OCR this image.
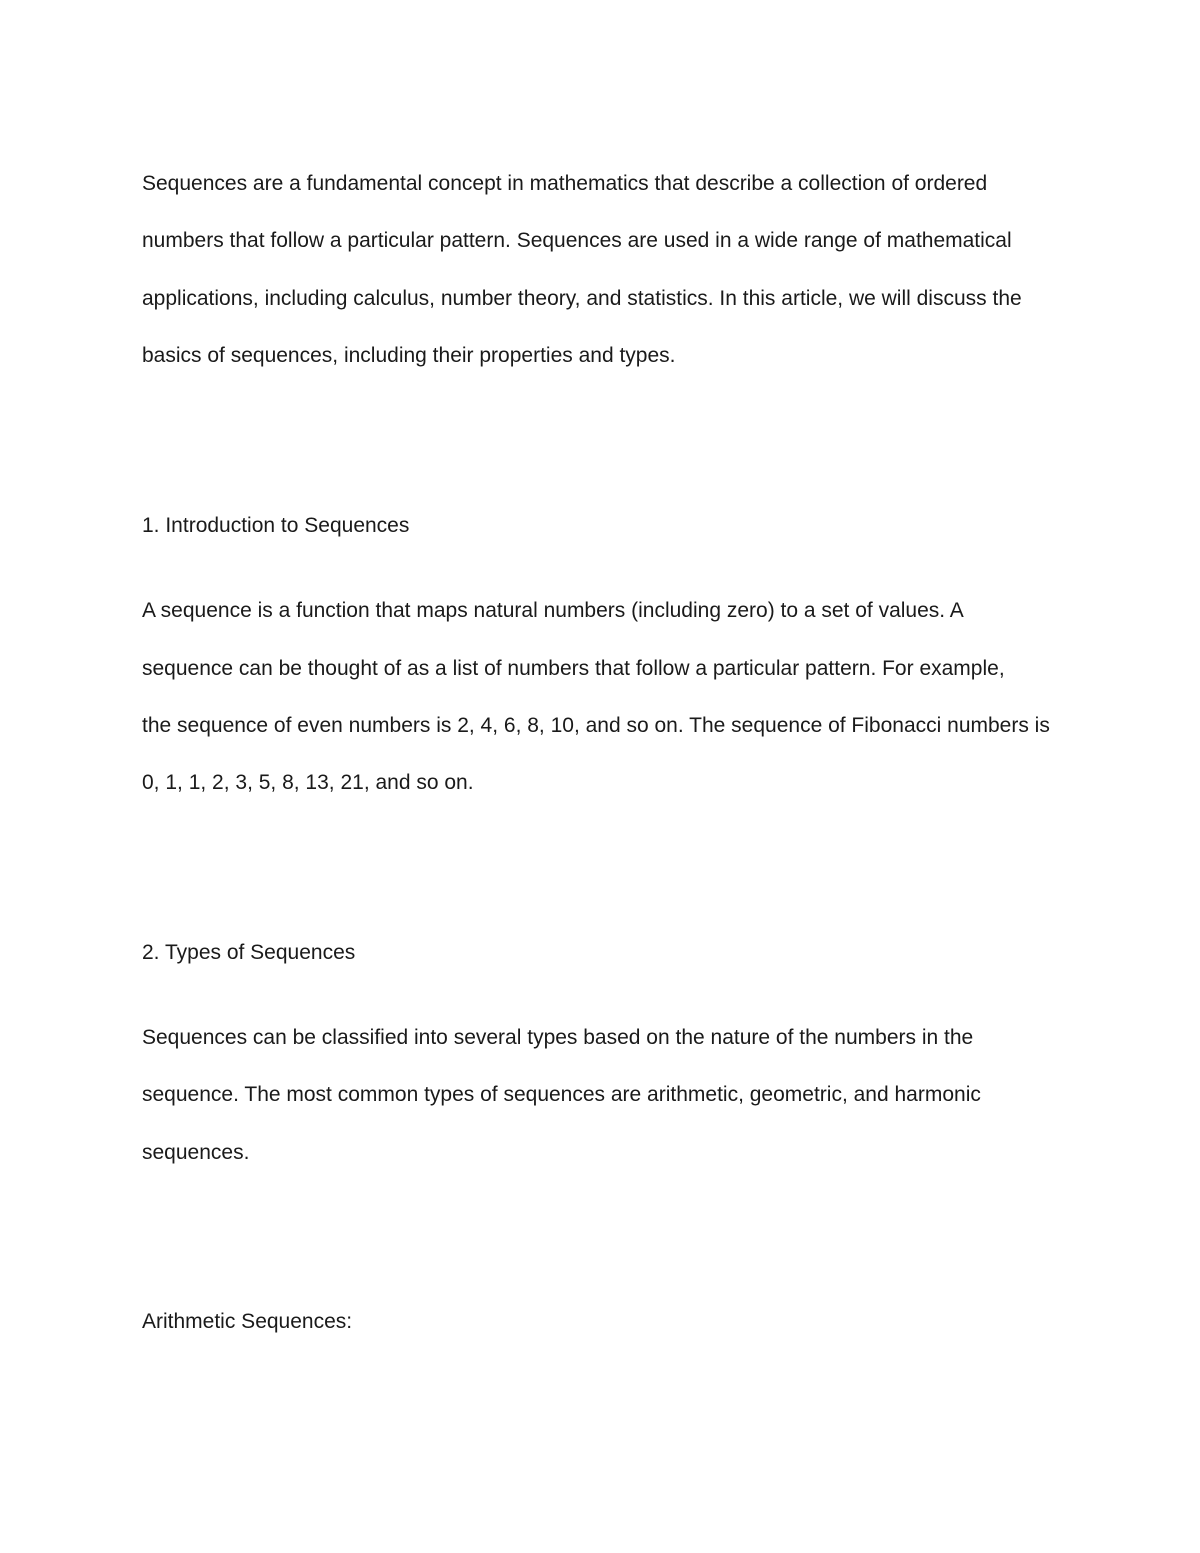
Sequences are a fundamental concept in mathematics that describe a collection of ordered

numbers that follow a particular pattern. Sequences are used in a wide range of mathematical

applications, including calculus, number theory, and statistics. In this article, we will discuss the

basics of sequences, including their properties and types.

1. Introduction to Sequences

A sequence is a function that maps natural numbers (including zero) to a set of values. A

sequence can be thought of as a list of numbers that follow a particular pattern. For example,

the sequence of even numbers is 2, 4, 6, 8, 10, and so on. The sequence of Fibonacci numbers is

0, 1, 1, 2, 3, 5, 8, 13, 21, and so on.

2. Types of Sequences

Sequences can be classified into several types based on the nature of the numbers in the

sequence. The most common types of sequences are arithmetic, geometric, and harmonic

sequences.

Arithmetic Sequences:
